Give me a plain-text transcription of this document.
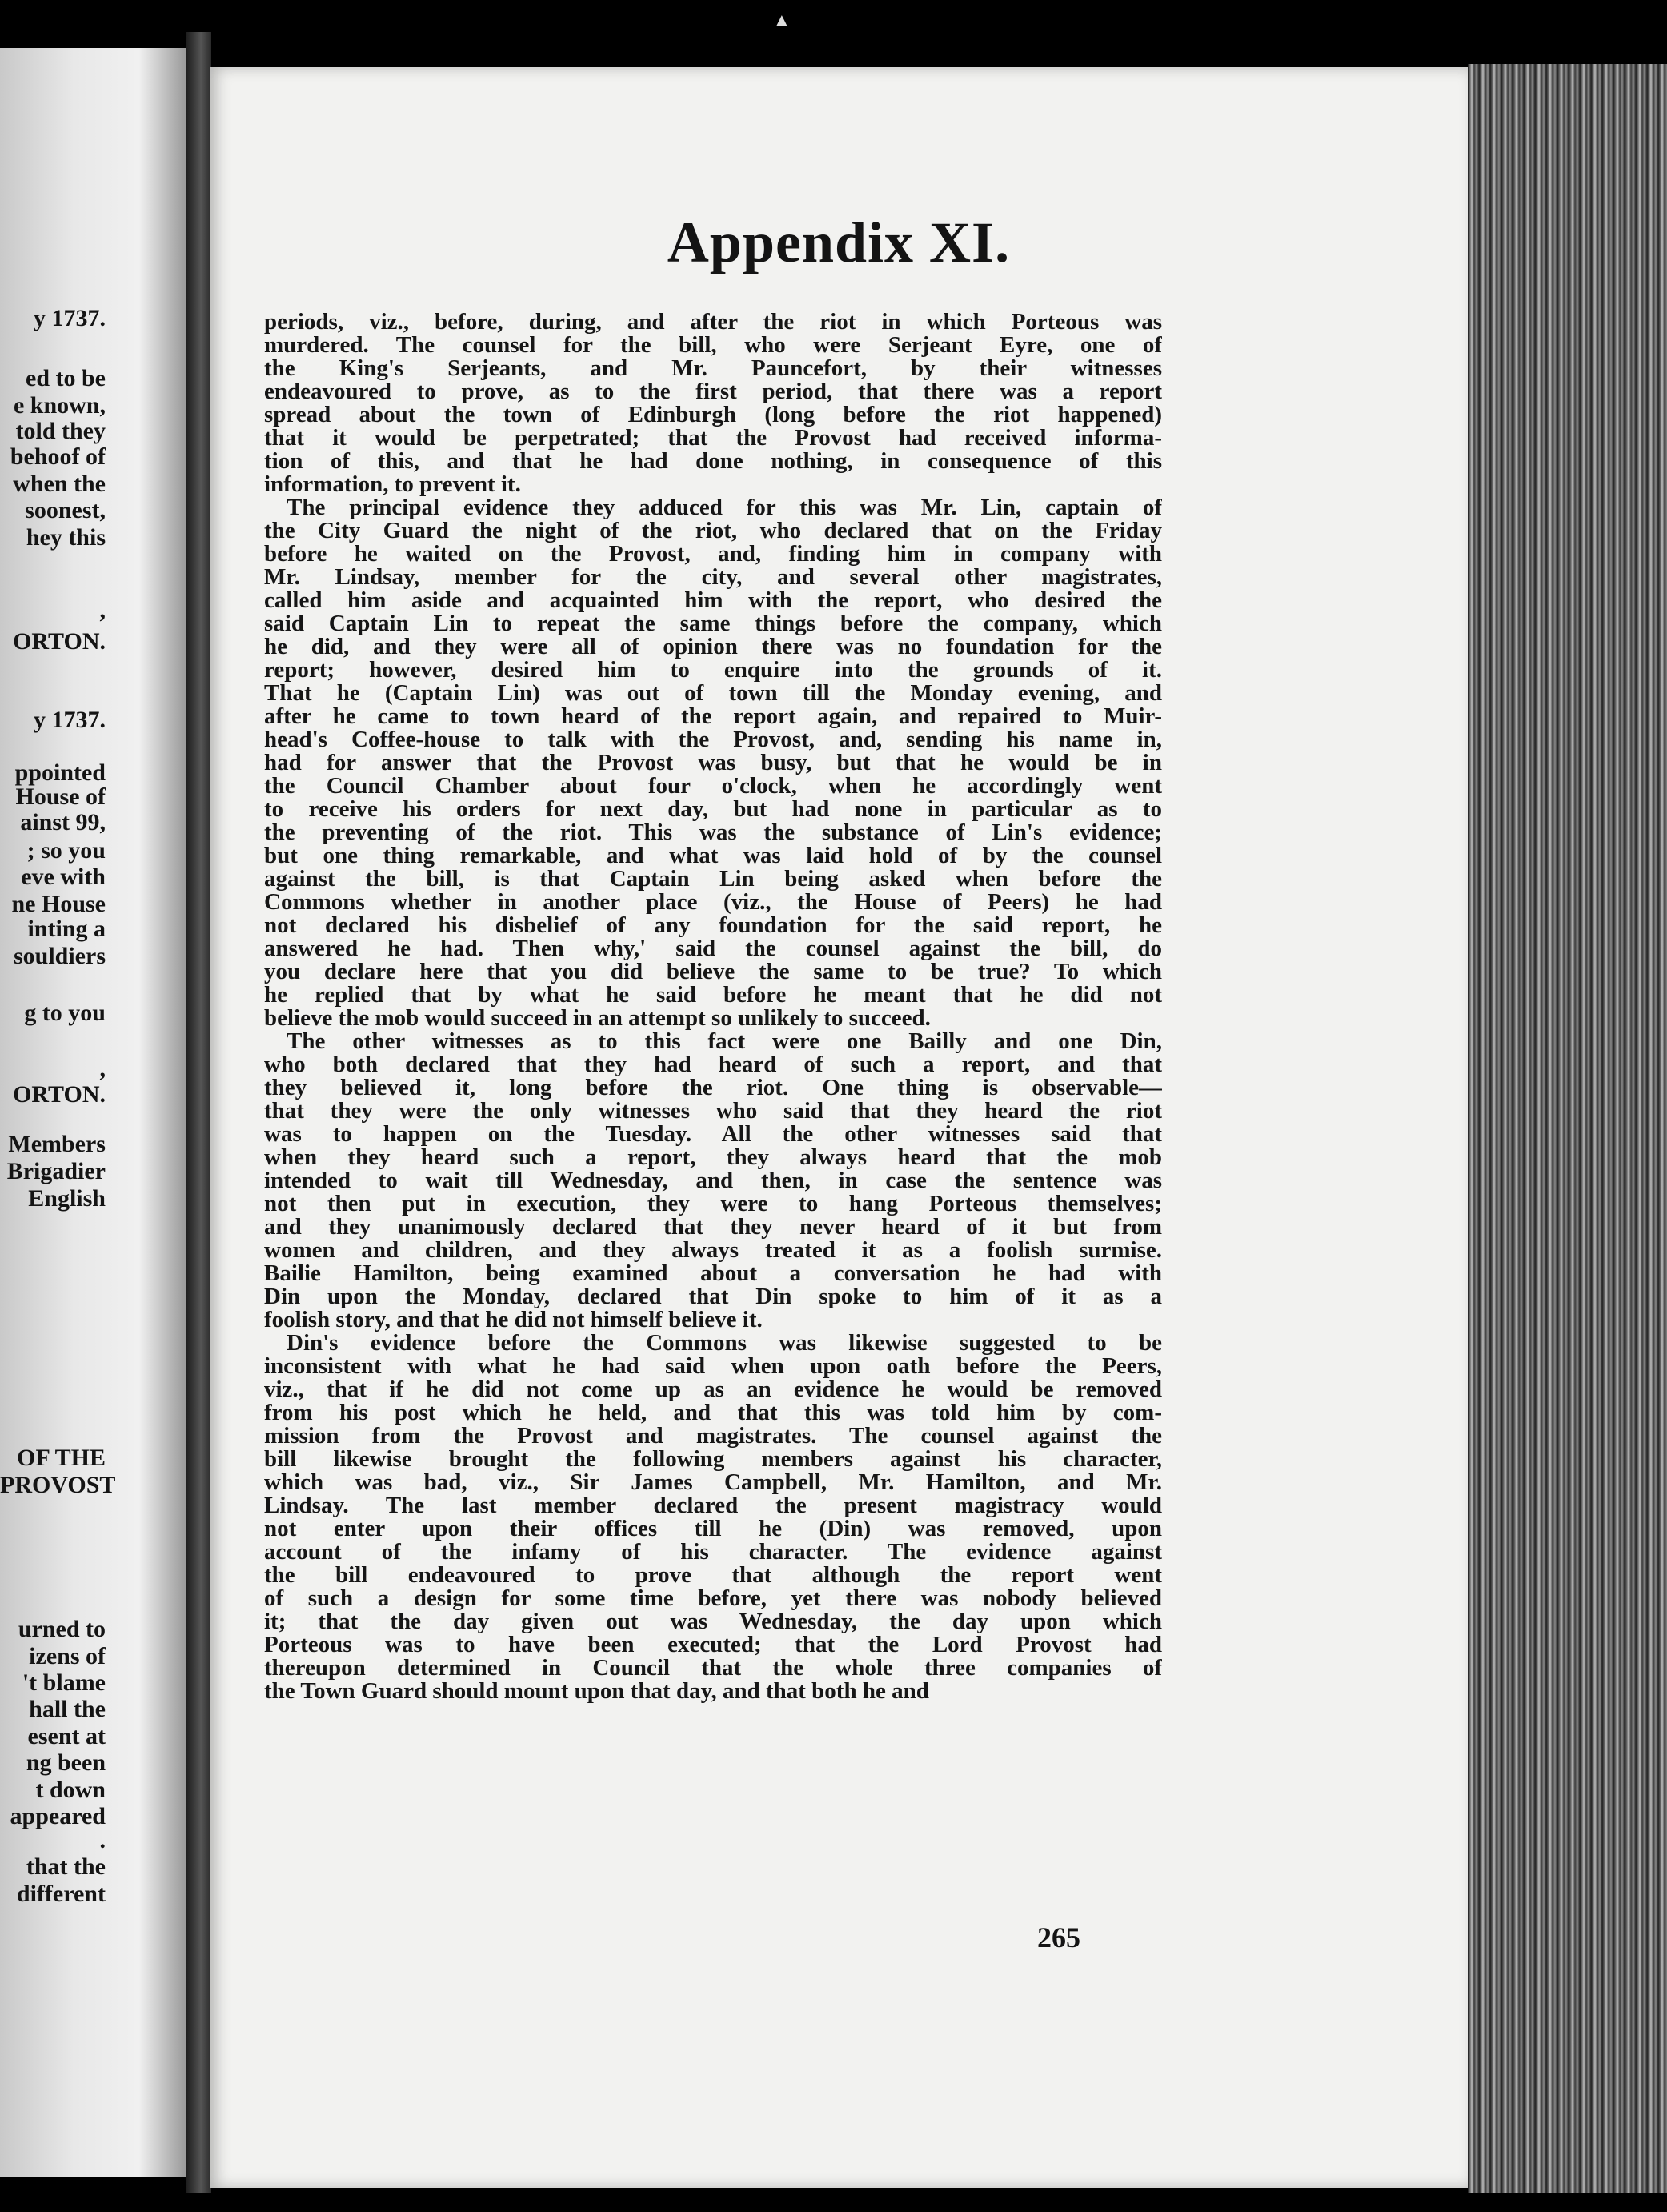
y 1737.
ed to be
e known,
told they
behoof of
when the
soonest,
hey this
,
ORTON.
y 1737.
ppointed
House of
ainst 99,
; so you
eve with
ne House
inting a
souldiers
g to you
,
ORTON.
Members
Brigadier
English
OF THE
PROVOST
urned to
izens of
't blame
hall the
esent at
ng been
t down
appeared
.
that the
different
▲
Appendix XI.
periods, viz., before, during, and after the riot in which Porteous was
murdered. The counsel for the bill, who were Serjeant Eyre, one of
the King's Serjeants, and Mr. Pauncefort, by their witnesses
endeavoured to prove, as to the first period, that there was a report
spread about the town of Edinburgh (long before the riot happened)
that it would be perpetrated; that the Provost had received informa-
tion of this, and that he had done nothing, in consequence of this
information, to prevent it.
The principal evidence they adduced for this was Mr. Lin, captain of
the City Guard the night of the riot, who declared that on the Friday
before he waited on the Provost, and, finding him in company with
Mr. Lindsay, member for the city, and several other magistrates,
called him aside and acquainted him with the report, who desired the
said Captain Lin to repeat the same things before the company, which
he did, and they were all of opinion there was no foundation for the
report; however, desired him to enquire into the grounds of it.
That he (Captain Lin) was out of town till the Monday evening, and
after he came to town heard of the report again, and repaired to Muir-
head's Coffee-house to talk with the Provost, and, sending his name in,
had for answer that the Provost was busy, but that he would be in
the Council Chamber about four o'clock, when he accordingly went
to receive his orders for next day, but had none in particular as to
the preventing of the riot. This was the substance of Lin's evidence;
but one thing remarkable, and what was laid hold of by the counsel
against the bill, is that Captain Lin being asked when before the
Commons whether in another place (viz., the House of Peers) he had
not declared his disbelief of any foundation for the said report, he
answered he had. Then why,' said the counsel against the bill, do
you declare here that you did believe the same to be true? To which
he replied that by what he said before he meant that he did not
believe the mob would succeed in an attempt so unlikely to succeed.
The other witnesses as to this fact were one Bailly and one Din,
who both declared that they had heard of such a report, and that
they believed it, long before the riot. One thing is observable—
that they were the only witnesses who said that they heard the riot
was to happen on the Tuesday. All the other witnesses said that
when they heard such a report, they always heard that the mob
intended to wait till Wednesday, and then, in case the sentence was
not then put in execution, they were to hang Porteous themselves;
and they unanimously declared that they never heard of it but from
women and children, and they always treated it as a foolish surmise.
Bailie Hamilton, being examined about a conversation he had with
Din upon the Monday, declared that Din spoke to him of it as a
foolish story, and that he did not himself believe it.
Din's evidence before the Commons was likewise suggested to be
inconsistent with what he had said when upon oath before the Peers,
viz., that if he did not come up as an evidence he would be removed
from his post which he held, and that this was told him by com-
mission from the Provost and magistrates. The counsel against the
bill likewise brought the following members against his character,
which was bad, viz., Sir James Campbell, Mr. Hamilton, and Mr.
Lindsay. The last member declared the present magistracy would
not enter upon their offices till he (Din) was removed, upon
account of the infamy of his character. The evidence against
the bill endeavoured to prove that although the report went
of such a design for some time before, yet there was nobody believed
it; that the day given out was Wednesday, the day upon which
Porteous was to have been executed; that the Lord Provost had
thereupon determined in Council that the whole three companies of
the Town Guard should mount upon that day, and that both he and
265
